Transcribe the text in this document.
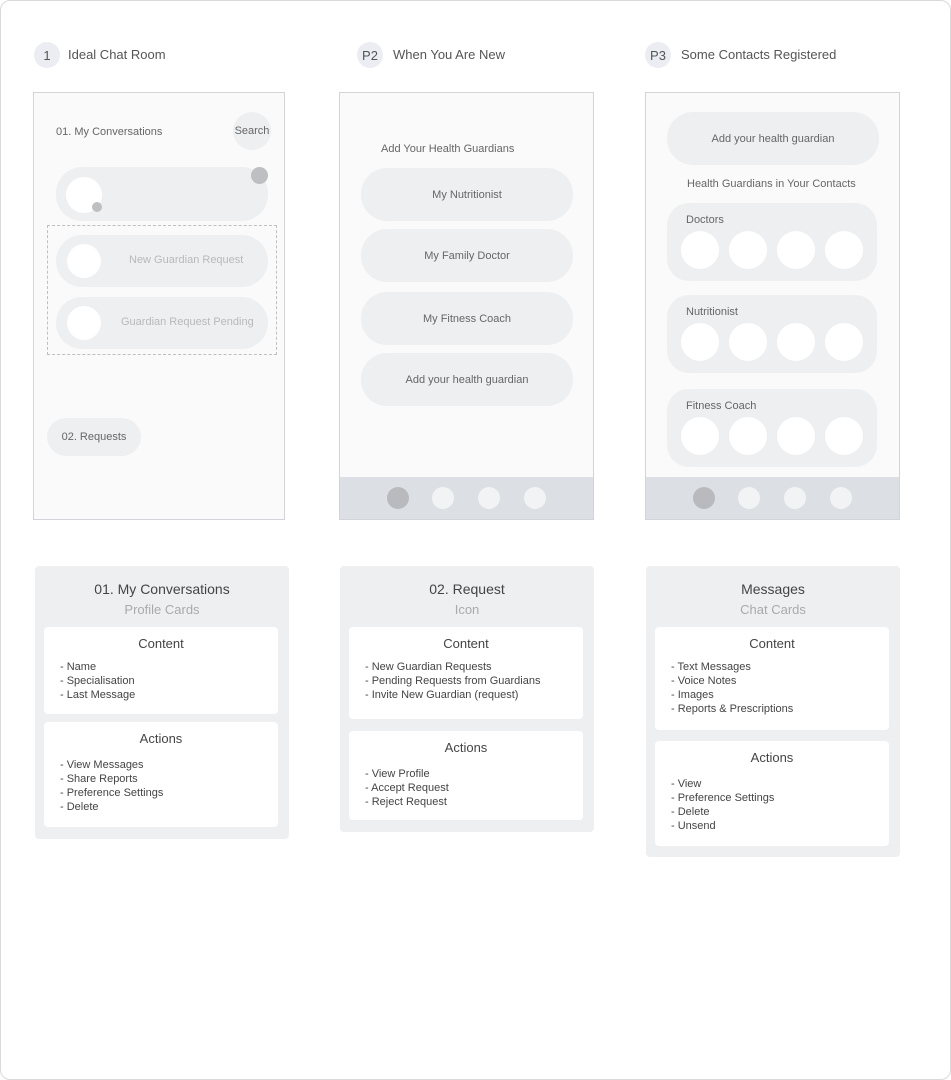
1	Ideal Chat Room	P2	When You Are New	P3	Some Contacts Registered
01. My Conversations	Search
New Guardian Request
Guardian Request Pending
02. Requests
Add Your Health Guardians
My Nutritionist
My Family Doctor
My Fitness Coach
Add your health guardian
Add your health guardian
Health Guardians in Your Contacts
Doctors
Nutritionist
Fitness Coach
01. My Conversations
Profile Cards
Content
- Name
- Specialisation
- Last Message
Actions
- View Messages
- Share Reports
- Preference Settings
- Delete
02. Request
Icon
Content
- New Guardian Requests
- Pending Requests from Guardians
- Invite New Guardian (request)
Actions
- View Profile
- Accept Request
- Reject Request
Messages
Chat Cards
Content
- Text Messages
- Voice Notes
- Images
- Reports & Prescriptions
Actions
- View
- Preference Settings
- Delete
- Unsend
